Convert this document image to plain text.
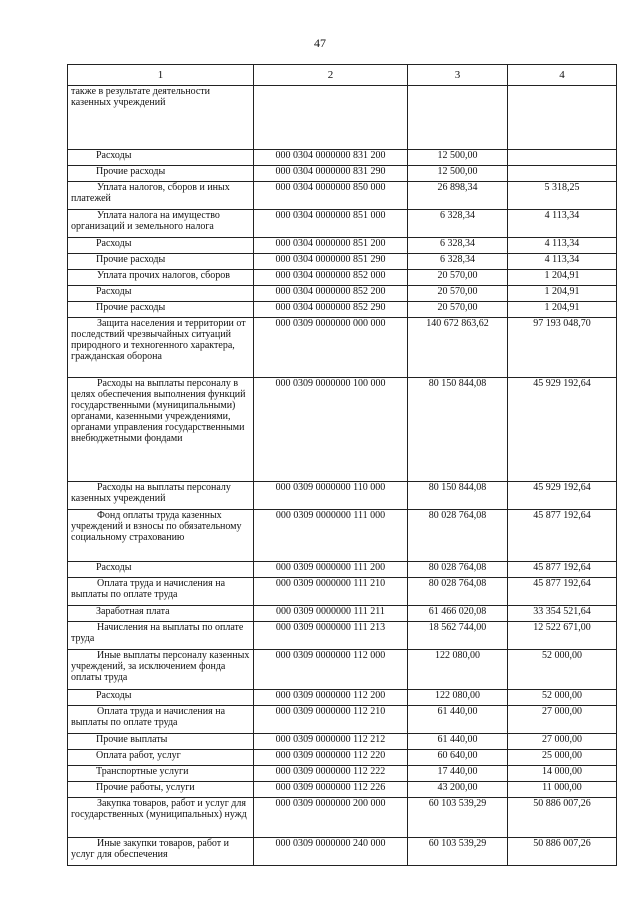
47
1	2	3	4
также в результате деятельности казенных учреждений			
Расходы	000 0304 0000000 831 200	12 500,00	
Прочие расходы	000 0304 0000000 831 290	12 500,00	
Уплата налогов, сборов и иных платежей	000 0304 0000000 850 000	26 898,34	5 318,25
Уплата налога на имущество организаций и земельного налога	000 0304 0000000 851 000	6 328,34	4 113,34
Расходы	000 0304 0000000 851 200	6 328,34	4 113,34
Прочие расходы	000 0304 0000000 851 290	6 328,34	4 113,34
Уплата прочих налогов, сборов	000 0304 0000000 852 000	20 570,00	1 204,91
Расходы	000 0304 0000000 852 200	20 570,00	1 204,91
Прочие расходы	000 0304 0000000 852 290	20 570,00	1 204,91
Защита населения и территории от последствий чрезвычайных ситуаций природного и техногенного характера, гражданская оборона	000 0309 0000000 000 000	140 672 863,62	97 193 048,70
Расходы на выплаты персоналу в целях обеспечения выполнения функций государственными (муниципальными) органами, казенными учреждениями, органами управления государственными внебюджетными фондами	000 0309 0000000 100 000	80 150 844,08	45 929 192,64
Расходы на выплаты персоналу казенных учреждений	000 0309 0000000 110 000	80 150 844,08	45 929 192,64
Фонд оплаты труда казенных учреждений и взносы по обязательному социальному страхованию	000 0309 0000000 111 000	80 028 764,08	45 877 192,64
Расходы	000 0309 0000000 111 200	80 028 764,08	45 877 192,64
Оплата труда и начисления на выплаты по оплате труда	000 0309 0000000 111 210	80 028 764,08	45 877 192,64
Заработная плата	000 0309 0000000 111 211	61 466 020,08	33 354 521,64
Начисления на выплаты по оплате труда	000 0309 0000000 111 213	18 562 744,00	12 522 671,00
Иные выплаты персоналу казенных учреждений, за исключением фонда оплаты труда	000 0309 0000000 112 000	122 080,00	52 000,00
Расходы	000 0309 0000000 112 200	122 080,00	52 000,00
Оплата труда и начисления на выплаты по оплате труда	000 0309 0000000 112 210	61 440,00	27 000,00
Прочие выплаты	000 0309 0000000 112 212	61 440,00	27 000,00
Оплата работ, услуг	000 0309 0000000 112 220	60 640,00	25 000,00
Транспортные услуги	000 0309 0000000 112 222	17 440,00	14 000,00
Прочие работы, услуги	000 0309 0000000 112 226	43 200,00	11 000,00
Закупка товаров, работ и услуг для государственных (муниципальных) нужд	000 0309 0000000 200 000	60 103 539,29	50 886 007,26
Иные закупки товаров, работ и услуг для обеспечения	000 0309 0000000 240 000	60 103 539,29	50 886 007,26
